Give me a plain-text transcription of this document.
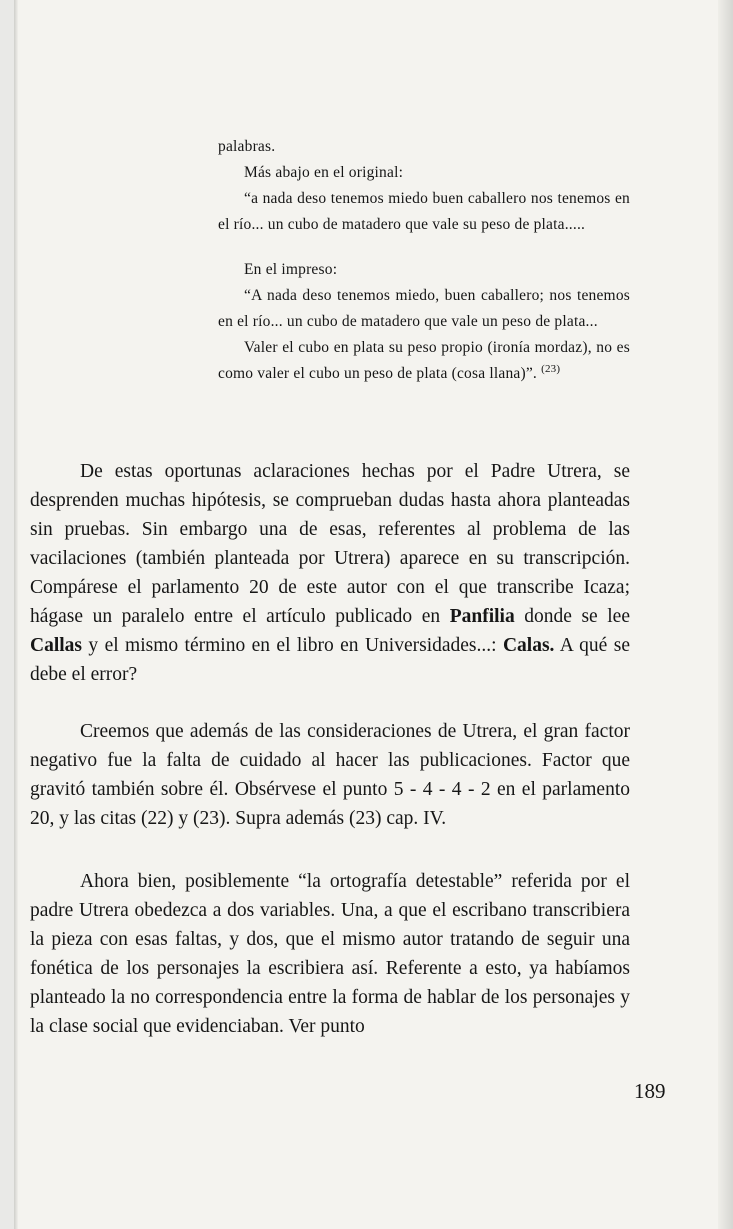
palabras.

Más abajo en el original:

“a nada deso tenemos miedo buen caballero nos tenemos en el río... un cubo de matadero que vale su peso de plata.....

En el impreso:

“A nada deso tenemos miedo, buen caballero; nos tenemos en el río... un cubo de matadero que vale un peso de plata...

Valer el cubo en plata su peso propio (ironía mordaz), no es como valer el cubo un peso de plata (cosa llana)”. $^{(23)}$

De estas oportunas aclaraciones hechas por el Padre Utrera, se desprenden muchas hipótesis, se comprueban dudas hasta ahora planteadas sin pruebas. Sin embargo una de esas, referentes al problema de las vacilaciones (también planteada por Utrera) aparece en su transcripción. Compárese el parlamento 20 de este autor con el que transcribe Icaza; hágase un paralelo entre el artículo publicado en Panfilia donde se lee Callas y el mismo término en el libro en Universidades...: Calas. A qué se debe el error?

Creemos que además de las consideraciones de Utrera, el gran factor negativo fue la falta de cuidado al hacer las publicaciones. Factor que gravitó también sobre él. Obsérvese el punto 5 - 4 - 4 - 2 en el parlamento 20, y las citas (22) y (23). Supra además (23) cap. IV.

Ahora bien, posiblemente “la ortografía detestable” referida por el padre Utrera obedezca a dos variables. Una, a que el escribano transcribiera la pieza con esas faltas, y dos, que el mismo autor tratando de seguir una fonética de los personajes la escribiera así. Referente a esto, ya habíamos planteado la no correspondencia entre la forma de hablar de los personajes y la clase social que evidenciaban. Ver punto

189
